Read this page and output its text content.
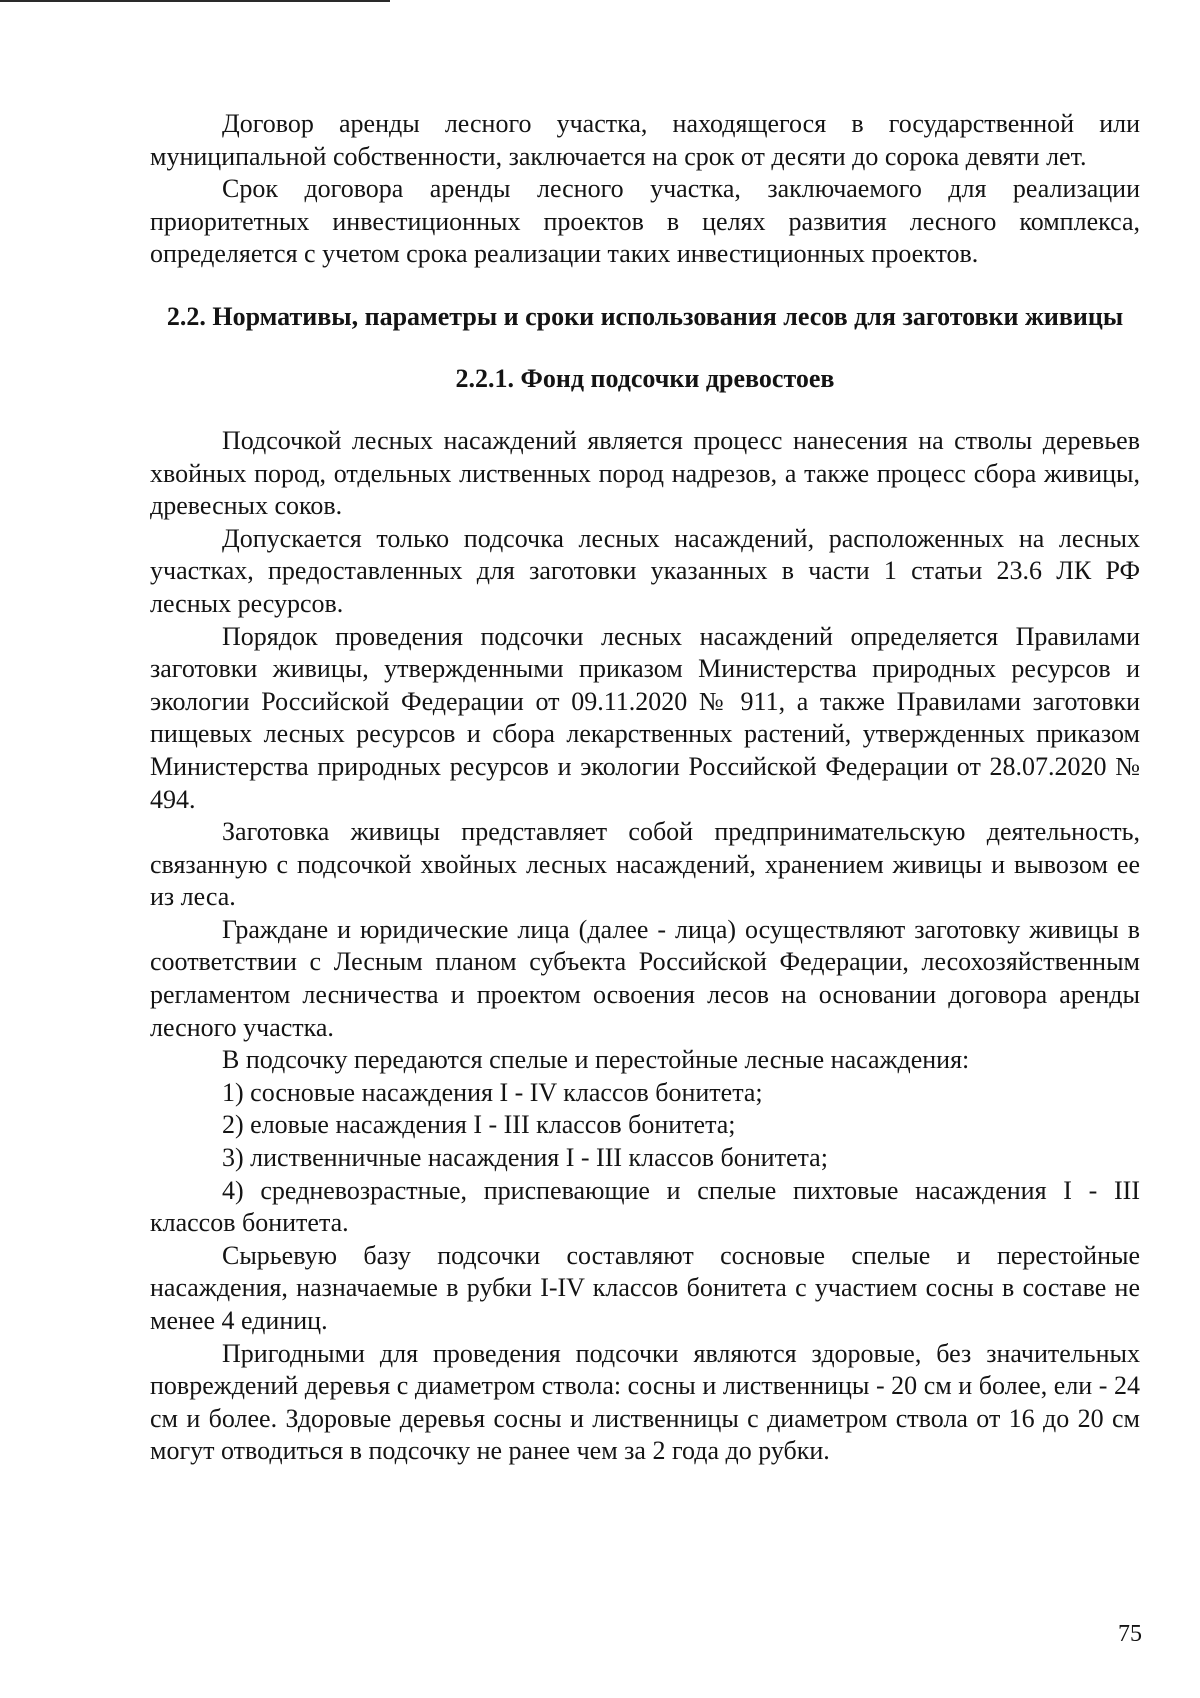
Договор аренды лесного участка, находящегося в государственной или муниципальной собственности, заключается на срок от десяти до сорока девяти лет.

Срок договора аренды лесного участка, заключаемого для реализации приоритетных инвестиционных проектов в целях развития лесного комплекса, определяется с учетом срока реализации таких инвестиционных проектов.

2.2. Нормативы, параметры и сроки использования лесов для заготовки живицы
2.2.1. Фонд подсочки древостоев

Подсочкой лесных насаждений является процесс нанесения на стволы деревьев хвойных пород, отдельных лиственных пород надрезов, а также процесс сбора живицы, древесных соков.

Допускается только подсочка лесных насаждений, расположенных на лесных участках, предоставленных для заготовки указанных в части 1 статьи 23.6 ЛК РФ лесных ресурсов.

Порядок проведения подсочки лесных насаждений определяется Правилами заготовки живицы, утвержденными приказом Министерства природных ресурсов и экологии Российской Федерации от 09.11.2020 № 911, а также Правилами заготовки пищевых лесных ресурсов и сбора лекарственных растений, утвержденных приказом Министерства природных ресурсов и экологии Российской Федерации от 28.07.2020 № 494.

Заготовка живицы представляет собой предпринимательскую деятельность, связанную с подсочкой хвойных лесных насаждений, хранением живицы и вывозом ее из леса.

Граждане и юридические лица (далее - лица) осуществляют заготовку живицы в соответствии с Лесным планом субъекта Российской Федерации, лесохозяйственным регламентом лесничества и проектом освоения лесов на основании договора аренды лесного участка.

В подсочку передаются спелые и перестойные лесные насаждения:

1) сосновые насаждения I - IV классов бонитета;

2) еловые насаждения I - III классов бонитета;

3) лиственничные насаждения I - III классов бонитета;

4) средневозрастные, приспевающие и спелые пихтовые насаждения I - III классов бонитета.

Сырьевую базу подсочки составляют сосновые спелые и перестойные насаждения, назначаемые в рубки I-IV классов бонитета с участием сосны в составе не менее 4 единиц.

Пригодными для проведения подсочки являются здоровые, без значительных повреждений деревья с диаметром ствола: сосны и лиственницы - 20 см и более, ели - 24 см и более. Здоровые деревья сосны и лиственницы с диаметром ствола от 16 до 20 см могут отводиться в подсочку не ранее чем за 2 года до рубки.

75
